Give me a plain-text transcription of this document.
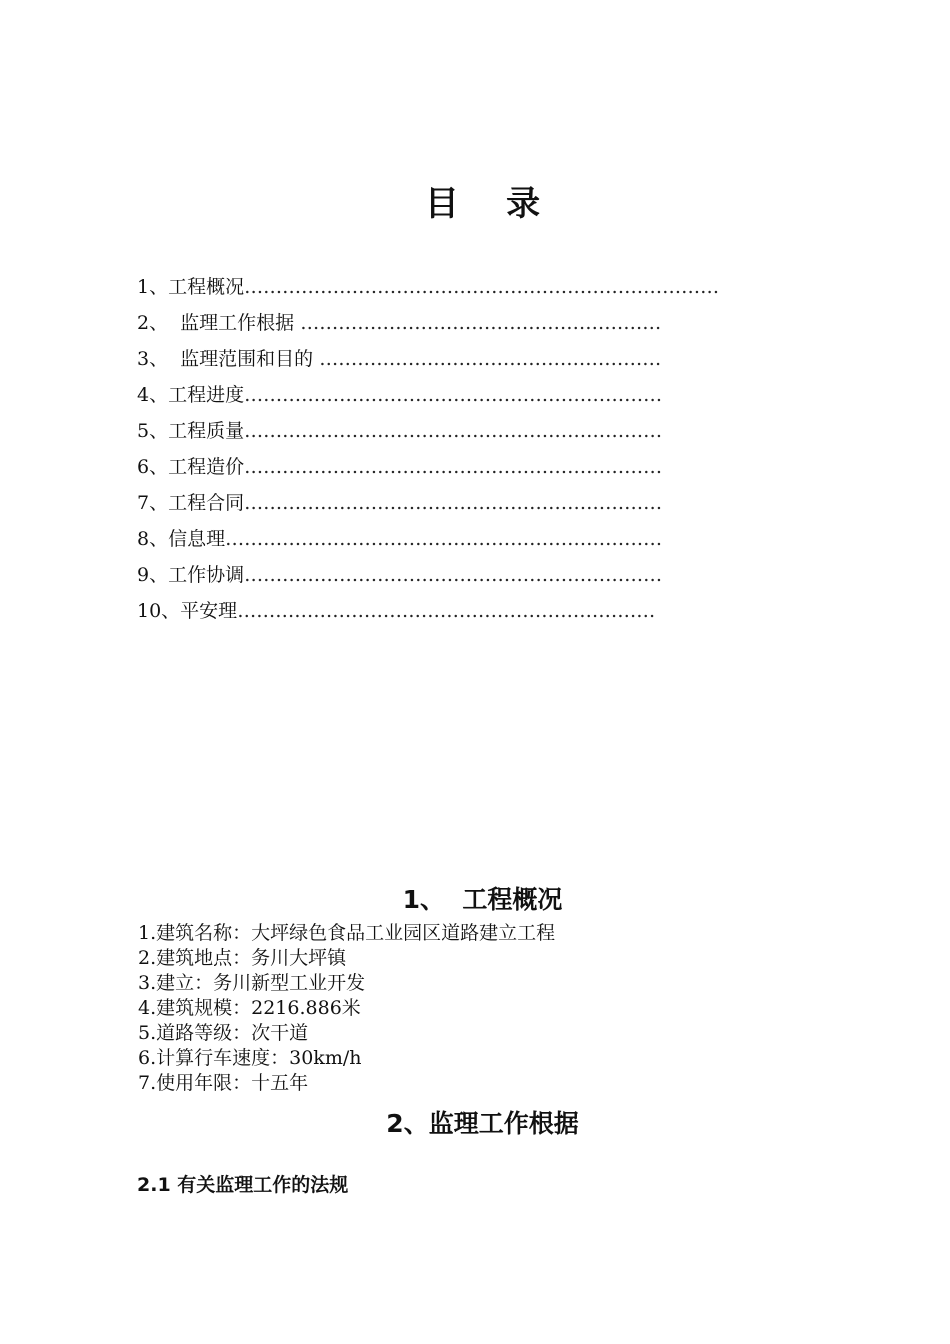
目    录
1、工程概况…………………………………………………………………
2、  监理工作根据 …………………………………………………
3、  监理范围和目的 ………………………………………………
4、工程进度…………………………………………………………
5、工程质量…………………………………………………………
6、工程造价…………………………………………………………
7、工程合同…………………………………………………………
8、信息理……………………………………………………………
9、工作协调…………………………………………………………
10、平安理…………………………………………………………
1、  工程概况
1.建筑名称：大坪绿色食品工业园区道路建立工程
2.建筑地点：务川大坪镇
3.建立：务川新型工业开发
4.建筑规模：2216.886米
5.道路等级：次干道
6.计算行车速度：30km/h
7.使用年限：十五年
2、监理工作根据
2.1 有关监理工作的法规
